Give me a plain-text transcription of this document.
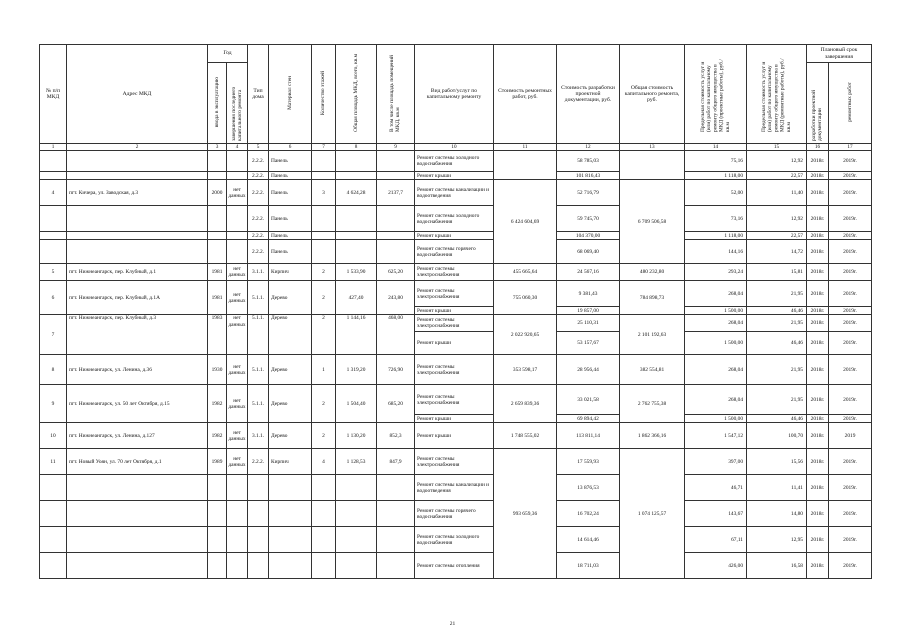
№ п/п МКД	Адрес МКД	Год		Тип дома	Материал стен	Количество этажей	Общая площадь МКД, всего, кв.м	В том числе площадь помещений МКД, кв.м	Вид работ/услуг по капитальному ремонту	Стоимость ремонтных работ, руб.	Стоимость разработки проектной документации, руб.	Общая стоимость капитального ремонта, руб.	Предельная стоимость услуг и (или) работ по капитальному ремонту общего имущества в МКД (проектные работы), руб./кв.м	Предельная стоимость услуг и (или) работ по капитальному ремонту общего имущества в МКД (ремонтные работы), руб./кв.м	Плановый срок завершения	
		ввода в эксплуатацию	завершения последнего капитального ремонта												разработки проектной документации	ремонтных работ
1	2	3	4	5	6	7	8	9	10	11	12	13	14	15	16	17
				2.2.2.	Панель				Ремонт системы холодного водоснабжения		58 785,03		75,16	12,92	2018г.	2019г.
				2.2.2.	Панель				Ремонт крыши		101 816,43		1 118,00	22,57	2018г.	2019г.
4	пгт. Кичера, ул. Заводская, д.3	2000	нет данных	2.2.2.	Панель	3	4 624,28	2137,7	Ремонт системы канализации и водоотведения	6 424 604,69	52 716,79	6 709 506,58	52,00	11,40	2018г.	2019г.
				2.2.2.	Панель				Ремонт системы холодного водоснабжения		59 745,70		73,16	12,92	2018г.	2019г.
				2.2.2.	Панель				Ремонт крыши		104 370,00		1 118,00	22,57	2018г.	2019г.
				2.2.2.	Панель				Ремонт системы горячего водоснабжения		68 069,40		144,16	14,72	2018г.	2019г.
5	пгт. Нижнеангарск, пер. Клубный, д.1	1981	нет данных	3.1.1.	Кирпич	2	1 533,90	625,20	Ремонт системы электроснабжения	455 665,64	24 567,16	480 232,80	293,24	15,81	2018г.	2019г.
6	пгт. Нижнеангарск, пер. Клубный, д.1А	1981	нет данных	5.1.1.	Дерево	2	427,40	243,80	Ремонт системы электроснабжения	755 060,30	9 381,43	784 898,73	268,04	21,95	2018г.	2019г.
									Ремонт крыши		19 857,00		1 500,00	46,46	2018г.	2019г.
7	пгт. Нижнеангарск, пер. Клубный, д.3	1983	нет данных	5.1.1.	Дерево	2	1 144,16	468,00	Ремонт системы электроснабжения	2 022 920,65	25 110,31	2 101 192,63	268,04	21,95	2018г.	2019г.
									Ремонт крыши		53 157,67		1 500,00	46,46	2018г.	2019г.
8	пгт. Нижнеангарск, ул. Ленина, д.36	1930	нет данных	5.1.1.	Дерево	1	1 319,20	726,90	Ремонт системы электроснабжения	353 598,17	28 956,44	382 554,81	268,04	21,95	2018г.	2019г.
9	пгт. Нижнеангарск, ул. 50 лет Октября, д.15	1982	нет данных	5.1.1.	Дерево	2	1 504,40	685,20	Ремонт системы электроснабжения	2 659 839,36	33 021,58	2 762 755,38	268,04	21,95	2018г.	2019г.
									Ремонт крыши		69 894,42		1 500,00	46,46	2018г.	2019г.
10	пгт. Нижнеангарск, ул. Ленина, д.127	1982	нет данных	3.1.1.	Дерево	2	1 130,20	852,3	Ремонт крыши	1 748 555,02	113 811,14	1 862 366,16	1 547,12	100,70	2018г.	2019
11	пгт. Новый Уоян, ул. 70 лет Октября, д.1	1989	нет данных	2.2.2.	Кирпич	4	1 128,53	847,9	Ремонт системы электроснабжения	993 659,36	17 559,93	1 074 125,57	397,00	15,56	2018г.	2019г.
									Ремонт системы канализации и водоотведения		13 876,53		46,71	11,41	2018г.	2019г.
									Ремонт системы горячего водоснабжения		16 702,24		143,67	14,80	2018г.	2019г.
									Ремонт системы холодного водоснабжения		14 614,46		67,11	12,95	2018г.	2019г.
									Ремонт системы отопления		18 711,03		426,00	16,58	2018г.	2019г.
21
